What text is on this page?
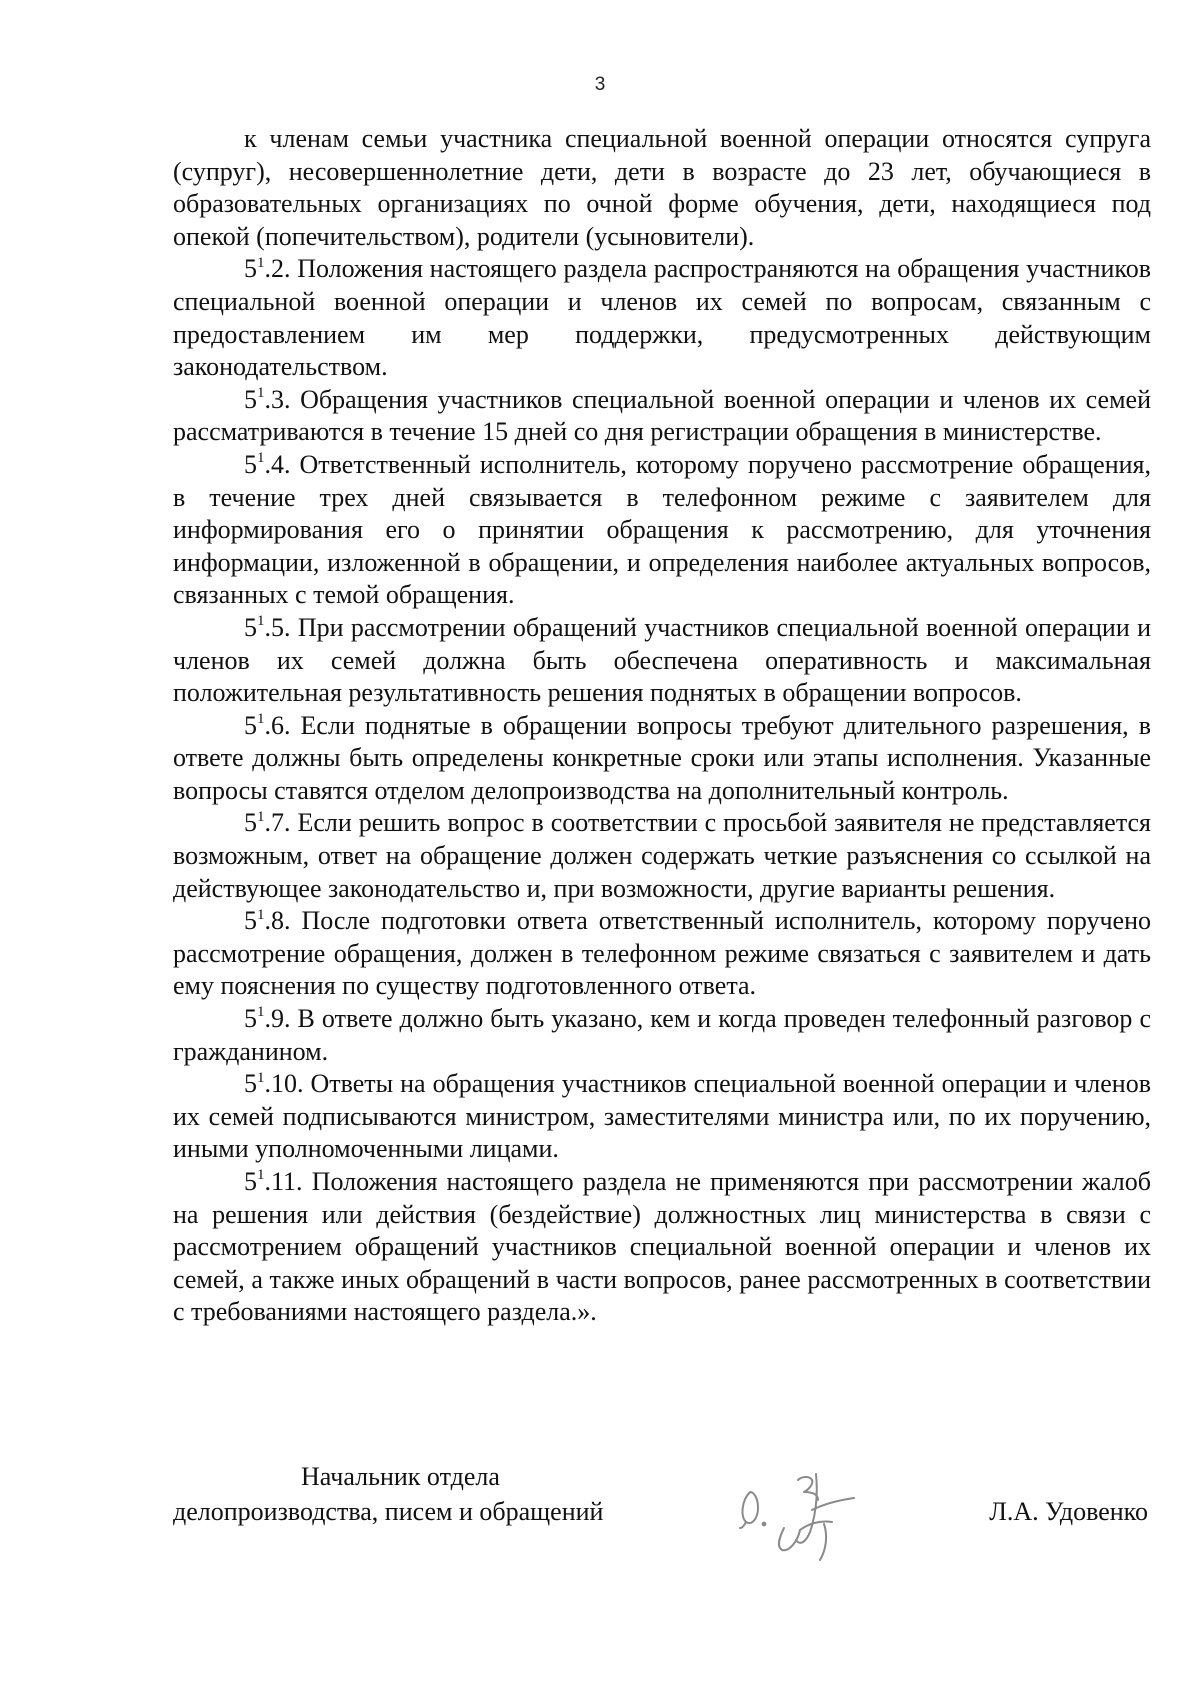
3

к членам семьи участника специальной военной операции относятся супруга (супруг), несовершеннолетние дети, дети в возрасте до 23 лет, обучающиеся в образовательных организациях по очной форме обучения, дети, находящиеся под опекой (попечительством), родители (усыновители).

$5^1.2$. Положения настоящего раздела распространяются на обращения участников специальной военной операции и членов их семей по вопросам, связанным с предоставлением им мер поддержки, предусмотренных действующим законодательством.

$5^1.3$. Обращения участников специальной военной операции и членов их семей рассматриваются в течение 15 дней со дня регистрации обращения в министерстве.

$5^1.4$. Ответственный исполнитель, которому поручено рассмотрение обращения, в течение трех дней связывается в телефонном режиме с заявителем для информирования его о принятии обращения к рассмотрению, для уточнения информации, изложенной в обращении, и определения наиболее актуальных вопросов, связанных с темой обращения.

$5^1.5$. При рассмотрении обращений участников специальной военной операции и членов их семей должна быть обеспечена оперативность и максимальная положительная результативность решения поднятых в обращении вопросов.

$5^1.6$. Если поднятые в обращении вопросы требуют длительного разрешения, в ответе должны быть определены конкретные сроки или этапы исполнения. Указанные вопросы ставятся отделом делопроизводства на дополнительный контроль.

$5^1.7$. Если решить вопрос в соответствии с просьбой заявителя не представляется возможным, ответ на обращение должен содержать четкие разъяснения со ссылкой на действующее законодательство и, при возможности, другие варианты решения.

$5^1.8$. После подготовки ответа ответственный исполнитель, которому поручено рассмотрение обращения, должен в телефонном режиме связаться с заявителем и дать ему пояснения по существу подготовленного ответа.

$5^1.9$. В ответе должно быть указано, кем и когда проведен телефонный разговор с гражданином.

$5^1.10$. Ответы на обращения участников специальной военной операции и членов их семей подписываются министром, заместителями министра или, по их поручению, иными уполномоченными лицами.

$5^1.11$. Положения настоящего раздела не применяются при рассмотрении жалоб на решения или действия (бездействие) должностных лиц министерства в связи с рассмотрением обращений участников специальной военной операции и членов их семей, а также иных обращений в части вопросов, ранее рассмотренных в соответствии с требованиями настоящего раздела.».

Начальник отдела
делопроизводства, писем и обращений	Л.А. Удовенко
